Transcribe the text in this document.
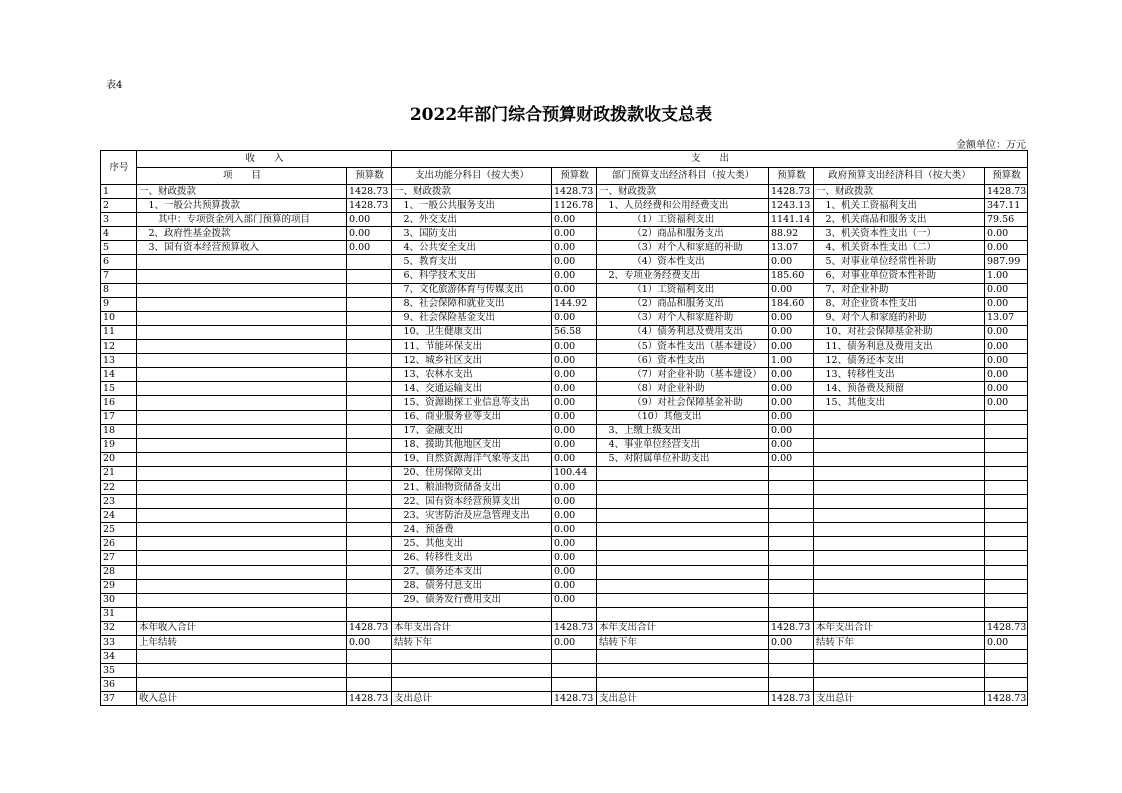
表4
2022年部门综合预算财政拨款收支总表
金额单位：万元
序号	收　　入		支　　出					
	项　　目	预算数	支出功能分科目（按大类）	预算数	部门预算支出经济科目（按大类）	预算数	政府预算支出经济科目（按大类）	预算数
1	一、财政拨款	1428.73	一、财政拨款	1428.73	一、财政拨款	1428.73	一、财政拨款	1428.73
2	　1、一般公共预算拨款	1428.73	　1、一般公共服务支出	1126.78	　1、人员经费和公用经费支出	1243.13	　1、机关工资福利支出	347.11
3	　　其中：专项资金列入部门预算的项目	0.00	　2、外交支出	0.00	　　　　（1）工资福利支出	1141.14	　2、机关商品和服务支出	79.56
4	　2、政府性基金拨款	0.00	　3、国防支出	0.00	　　　　（2）商品和服务支出	88.92	　3、机关资本性支出（一）	0.00
5	　3、国有资本经营预算收入	0.00	　4、公共安全支出	0.00	　　　　（3）对个人和家庭的补助	13.07	　4、机关资本性支出（二）	0.00
6			　5、教育支出	0.00	　　　　（4）资本性支出	0.00	　5、对事业单位经常性补助	987.99
7			　6、科学技术支出	0.00	　2、专项业务经费支出	185.60	　6、对事业单位资本性补助	1.00
8			　7、文化旅游体育与传媒支出	0.00	　　　　（1）工资福利支出	0.00	　7、对企业补助	0.00
9			　8、社会保障和就业支出	144.92	　　　　（2）商品和服务支出	184.60	　8、对企业资本性支出	0.00
10			　9、社会保险基金支出	0.00	　　　　（3）对个人和家庭补助	0.00	　9、对个人和家庭的补助	13.07
11			　10、卫生健康支出	56.58	　　　　（4）债务利息及费用支出	0.00	　10、对社会保障基金补助	0.00
12			　11、节能环保支出	0.00	　　　　（5）资本性支出（基本建设）	0.00	　11、债务利息及费用支出	0.00
13			　12、城乡社区支出	0.00	　　　　（6）资本性支出	1.00	　12、债务还本支出	0.00
14			　13、农林水支出	0.00	　　　　（7）对企业补助（基本建设）	0.00	　13、转移性支出	0.00
15			　14、交通运输支出	0.00	　　　　（8）对企业补助	0.00	　14、预备费及预留	0.00
16			　15、资源勘探工业信息等支出	0.00	　　　　（9）对社会保障基金补助	0.00	　15、其他支出	0.00
17			　16、商业服务业等支出	0.00	　　　　（10）其他支出	0.00		
18			　17、金融支出	0.00	　3、上缴上级支出	0.00		
19			　18、援助其他地区支出	0.00	　4、事业单位经营支出	0.00		
20			　19、自然资源海洋气象等支出	0.00	　5、对附属单位补助支出	0.00		
21			　20、住房保障支出	100.44				
22			　21、粮油物资储备支出	0.00				
23			　22、国有资本经营预算支出	0.00				
24			　23、灾害防治及应急管理支出	0.00				
25			　24、预备费	0.00				
26			　25、其他支出	0.00				
27			　26、转移性支出	0.00				
28			　27、债务还本支出	0.00				
29			　28、债务付息支出	0.00				
30			　29、债务发行费用支出	0.00				
31								
32	本年收入合计	1428.73	本年支出合计	1428.73	本年支出合计	1428.73	本年支出合计	1428.73
33	上年结转	0.00	结转下年	0.00	结转下年	0.00	结转下年	0.00
34								
35								
36								
37	收入总计	1428.73	支出总计	1428.73	支出总计	1428.73	支出总计	1428.73
